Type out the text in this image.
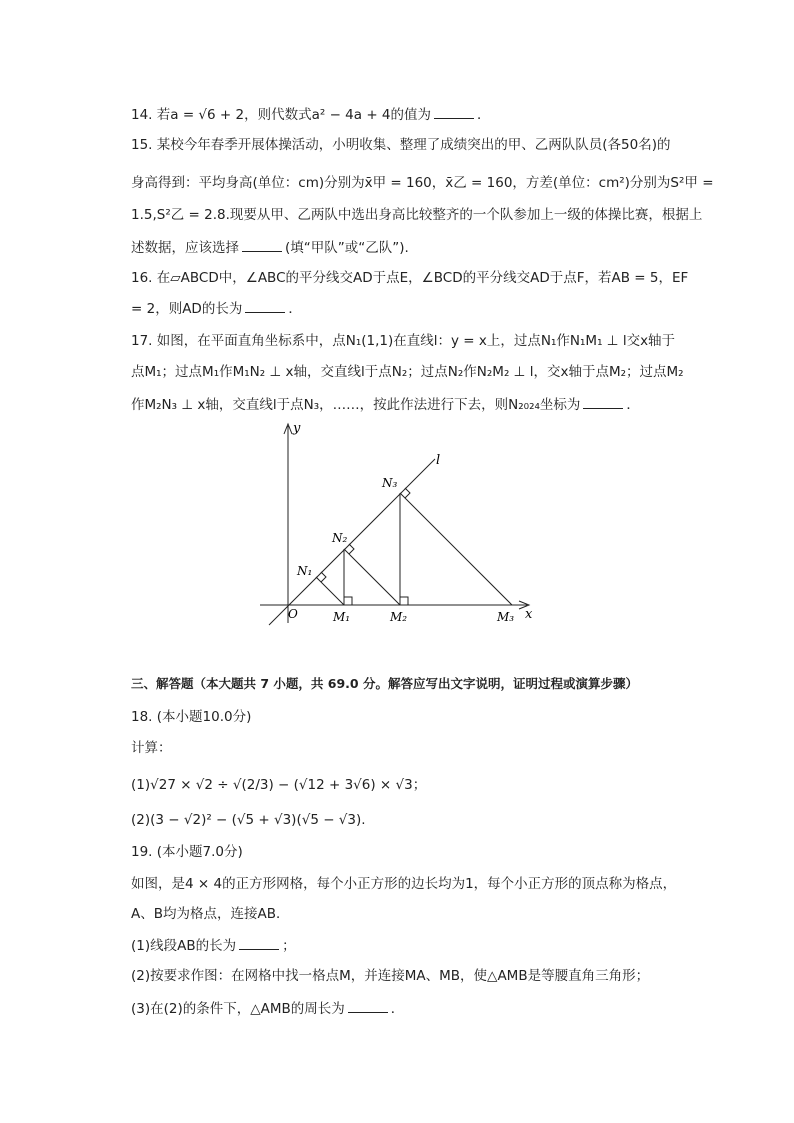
14. 若a = √6 + 2，则代数式a² − 4a + 4的值为	．
15. 某校今年春季开展体操活动，小明收集、整理了成绩突出的甲、乙两队队员(各50名)的
身高得到：平均身高(单位：cm)分别为x̄甲 = 160，x̄乙 = 160，方差(单位：cm²)分别为S²甲 =
1.5,S²乙 = 2.8.现要从甲、乙两队中选出身高比较整齐的一个队参加上一级的体操比赛，根据上
述数据，应该选择	(填“甲队”或“乙队”).
16. 在▱ABCD中，∠ABC的平分线交AD于点E，∠BCD的平分线交AD于点F，若AB = 5，EF
= 2，则AD的长为	．
17. 如图，在平面直角坐标系中，点N₁(1,1)在直线l：y = x上，过点N₁作N₁M₁ ⊥ l交x轴于
点M₁；过点M₁作M₁N₂ ⊥ x轴，交直线l于点N₂；过点N₂作N₂M₂ ⊥ l，交x轴于点M₂；过点M₂
作M₂N₃ ⊥ x轴，交直线l于点N₃，……，按此作法进行下去，则N₂₀₂₄坐标为	．
y
x
l
O
N₁
N₂
N₃
M₁	M₂	M₃
三、解答题（本大题共 7 小题，共 69.0 分。解答应写出文字说明，证明过程或演算步骤）
18. (本小题10.0分)
计算：
(1)√27 × √2 ÷ √(2/3) − (√12 + 3√6) × √3；
(2)(3 − √2)² − (√5 + √3)(√5 − √3).
19. (本小题7.0分)
如图，是4 × 4的正方形网格，每个小正方形的边长均为1，每个小正方形的顶点称为格点，
A、B均为格点，连接AB．
(1)线段AB的长为	；
(2)按要求作图：在网格中找一格点M，并连接MA、MB，使△AMB是等腰直角三角形；
(3)在(2)的条件下，△AMB的周长为	．
